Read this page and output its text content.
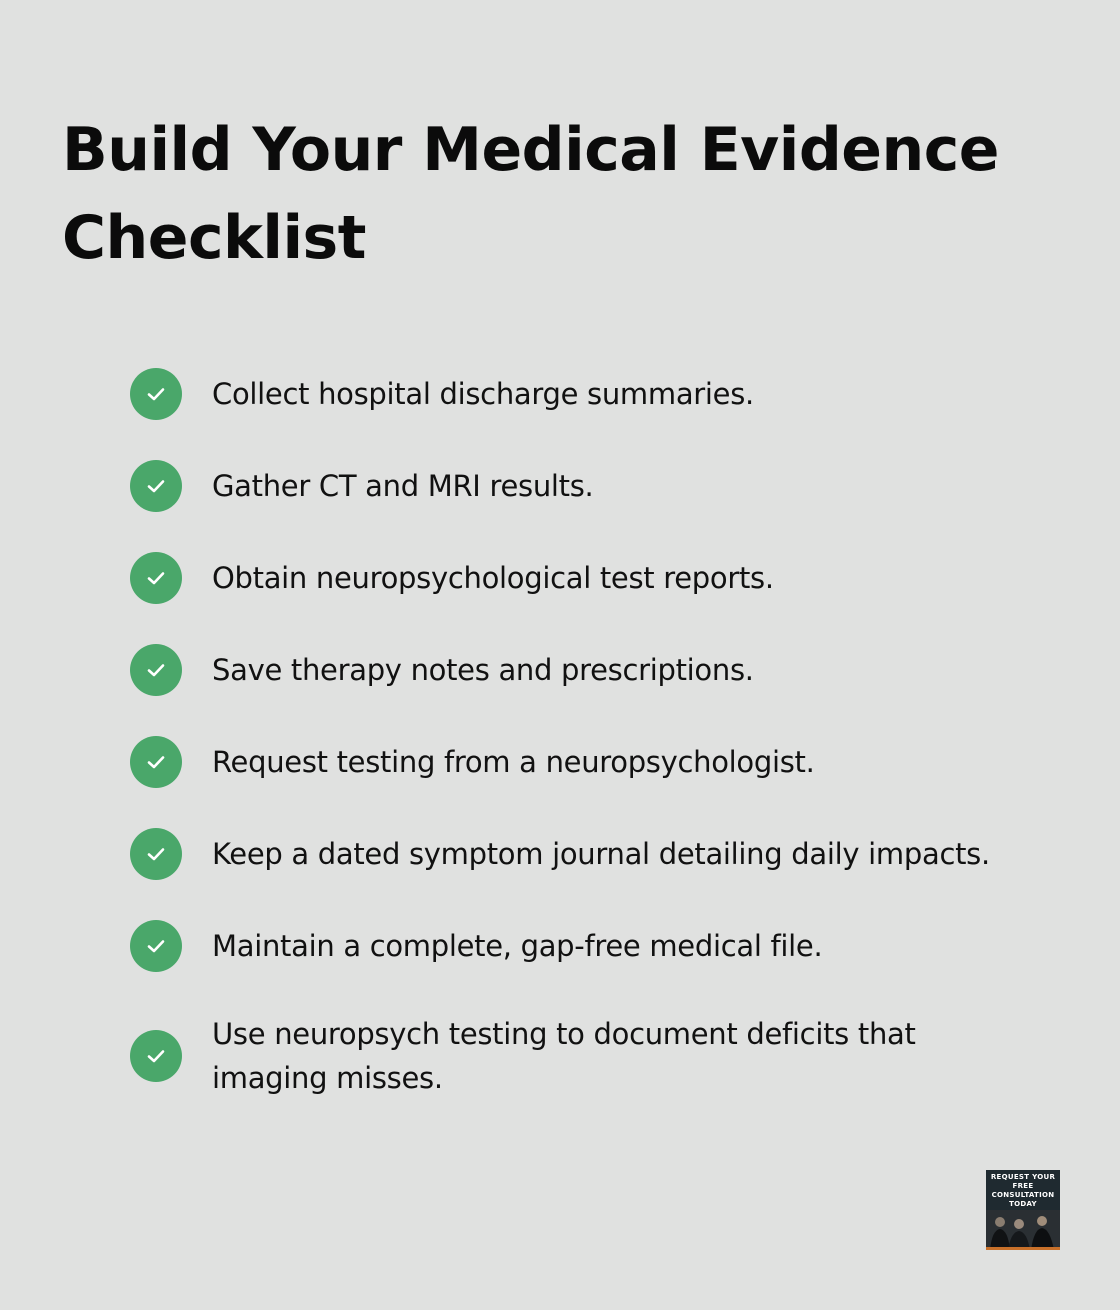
Build Your Medical Evidence Checklist
Collect hospital discharge summaries.
Gather CT and MRI results.
Obtain neuropsychological test reports.
Save therapy notes and prescriptions.
Request testing from a neuropsychologist.
Keep a dated symptom journal detailing daily impacts.
Maintain a complete, gap-free medical file.
Use neuropsych testing to document deficits that imaging misses.
REQUEST YOUR FREE CONSULTATION TODAY
